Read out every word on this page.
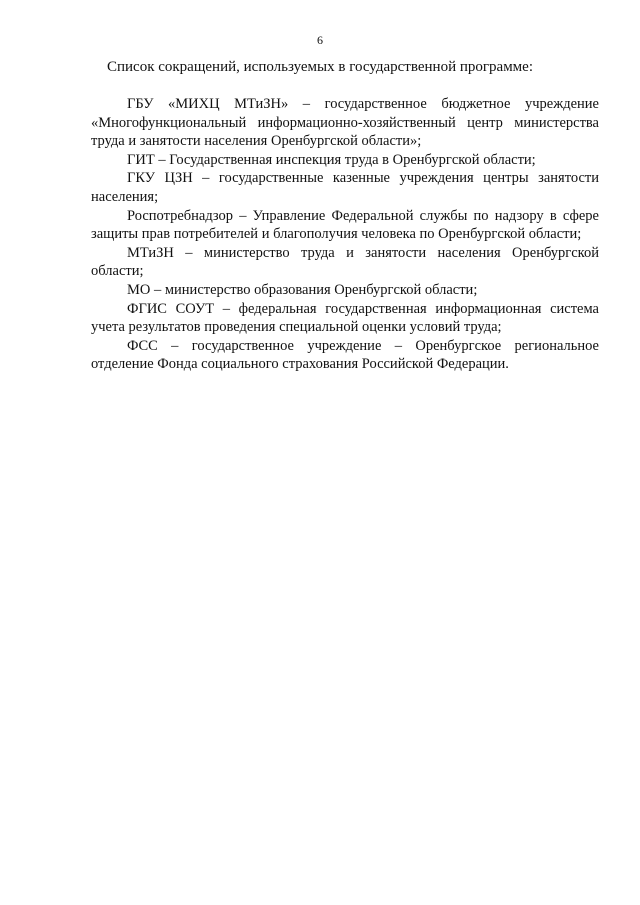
6
Список сокращений, используемых в государственной программе:

ГБУ «МИХЦ МТиЗН» – государственное бюджетное учреждение «Многофункциональный информационно-хозяйственный центр министерства труда и занятости населения Оренбургской области»;

ГИТ – Государственная инспекция труда в Оренбургской области;

ГКУ ЦЗН – государственные казенные учреждения центры занятости населения;

Роспотребнадзор – Управление Федеральной службы по надзору в сфере защиты прав потребителей и благополучия человека по Оренбургской области;

МТиЗН – министерство труда и занятости населения Оренбургской области;

МО – министерство образования Оренбургской области;

ФГИС СОУТ – федеральная государственная информационная система учета результатов проведения специальной оценки условий труда;

ФСС – государственное учреждение – Оренбургское региональное отделение Фонда социального страхования Российской Федерации.
